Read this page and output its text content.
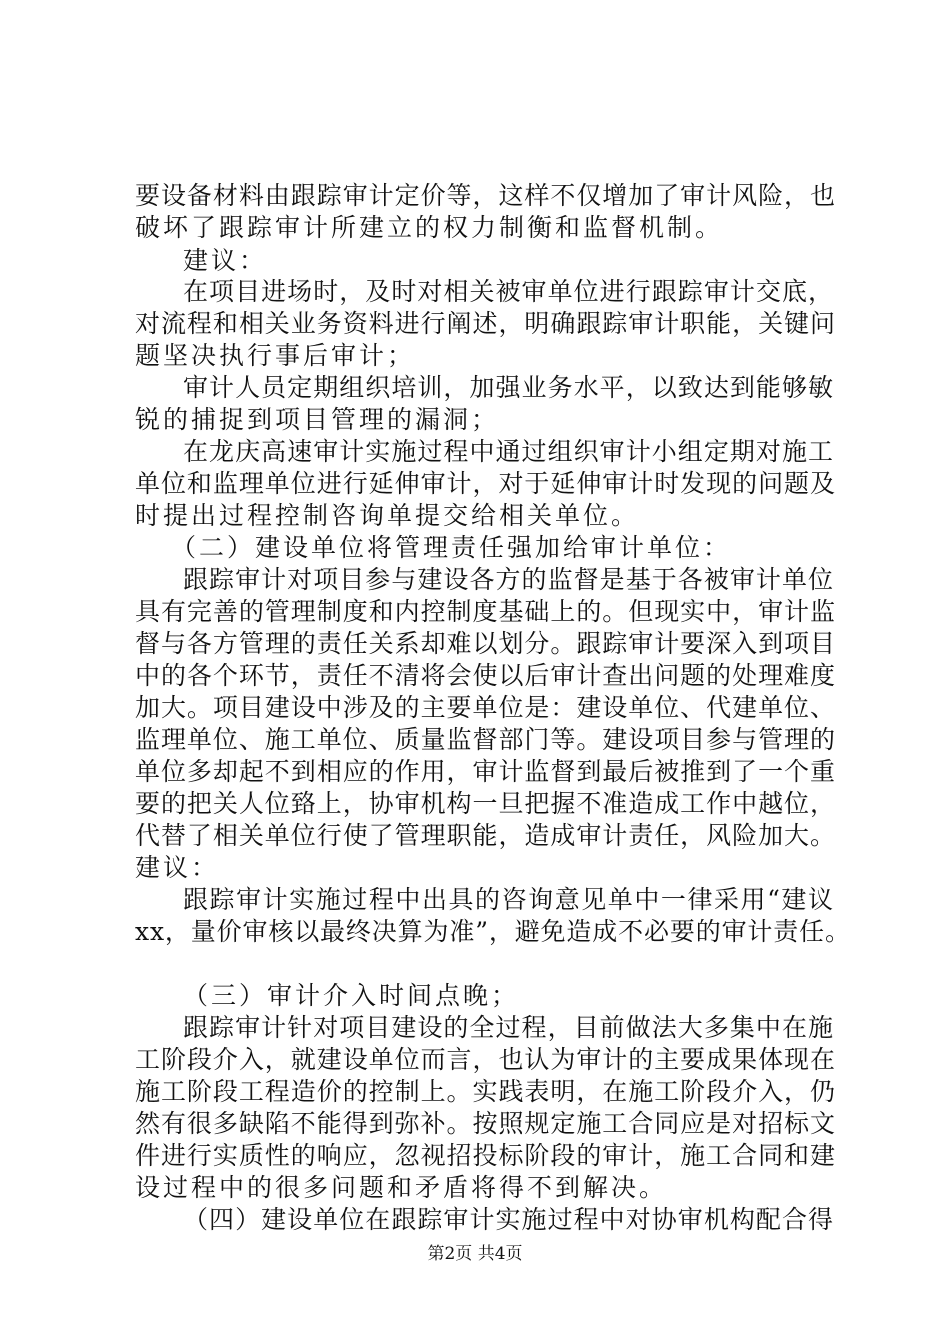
要设备材料由跟踪审计定价等，这样不仅增加了审计风险，也
破坏了跟踪审计所建立的权力制衡和监督机制。
建议：
在项目进场时，及时对相关被审单位进行跟踪审计交底，
对流程和相关业务资料进行阐述，明确跟踪审计职能，关键问
题坚决执行事后审计；
审计人员定期组织培训，加强业务水平，以致达到能够敏
锐的捕捉到项目管理的漏洞；
在龙庆高速审计实施过程中通过组织审计小组定期对施工
单位和监理单位进行延伸审计，对于延伸审计时发现的问题及
时提出过程控制咨询单提交给相关单位。
（二）建设单位将管理责任强加给审计单位：
跟踪审计对项目参与建设各方的监督是基于各被审计单位
具有完善的管理制度和内控制度基础上的。但现实中，审计监
督与各方管理的责任关系却难以划分。跟踪审计要深入到项目
中的各个环节，责任不清将会使以后审计查出问题的处理难度
加大。项目建设中涉及的主要单位是：建设单位、代建单位、
监理单位、施工单位、质量监督部门等。建设项目参与管理的
单位多却起不到相应的作用，审计监督到最后被推到了一个重
要的把关人位臵上，协审机构一旦把握不准造成工作中越位，
代替了相关单位行使了管理职能，造成审计责任，风险加大。
建议：
跟踪审计实施过程中出具的咨询意见单中一律采用“建议
xx，量价审核以最终决算为准”，避免造成不必要的审计责任。
（三）审计介入时间点晚；
跟踪审计针对项目建设的全过程，目前做法大多集中在施
工阶段介入，就建设单位而言，也认为审计的主要成果体现在
施工阶段工程造价的控制上。实践表明，在施工阶段介入，仍
然有很多缺陷不能得到弥补。按照规定施工合同应是对招标文
件进行实质性的响应，忽视招投标阶段的审计，施工合同和建
设过程中的很多问题和矛盾将得不到解决。
（四）建设单位在跟踪审计实施过程中对协审机构配合得
第2页 共4页
